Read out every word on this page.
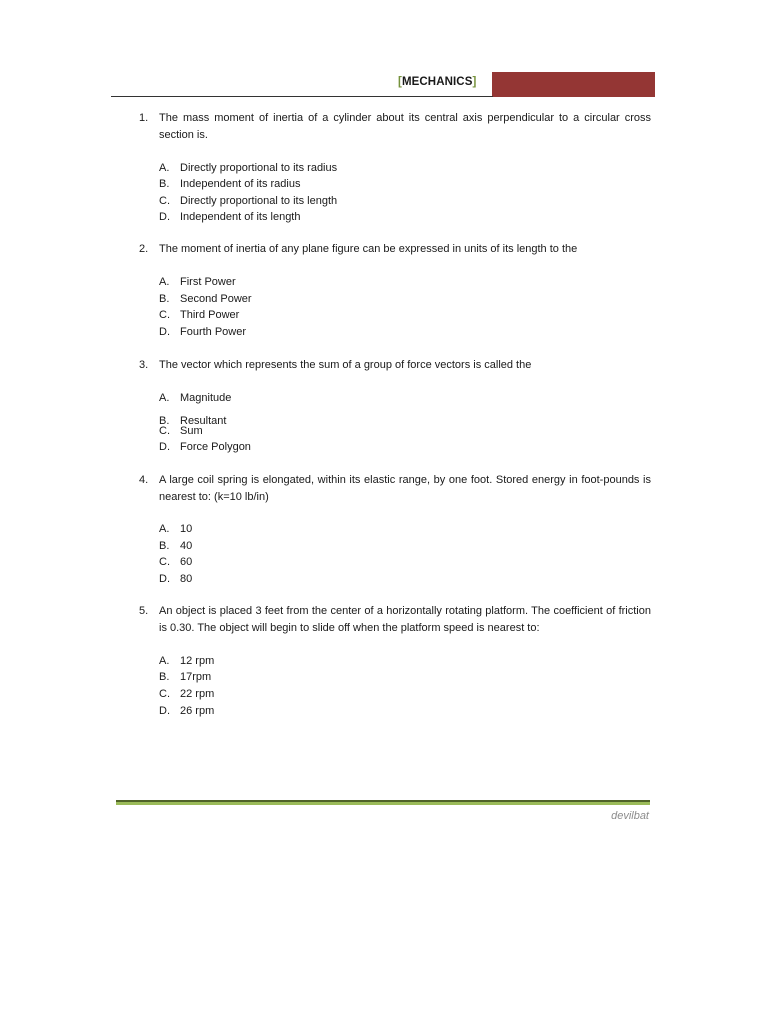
[MECHANICS]
1. The mass moment of inertia of a cylinder about its central axis perpendicular to a circular cross section is.
A. Directly proportional to its radius
B. Independent of its radius
C. Directly proportional to its length
D. Independent of its length
2. The moment of inertia of any plane figure can be expressed in units of its length to the
A. First Power
B. Second Power
C. Third Power
D. Fourth Power
3. The vector which represents the sum of a group of force vectors is called the
A. Magnitude
B. Resultant
C. Sum
D. Force Polygon
4. A large coil spring is elongated, within its elastic range, by one foot. Stored energy in foot-pounds is nearest to: (k=10 lb/in)
A. 10
B. 40
C. 60
D. 80
5. An object is placed 3 feet from the center of a horizontally rotating platform. The coefficient of friction is 0.30. The object will begin to slide off when the platform speed is nearest to:
A. 12 rpm
B. 17rpm
C. 22 rpm
D. 26 rpm
devilbat
